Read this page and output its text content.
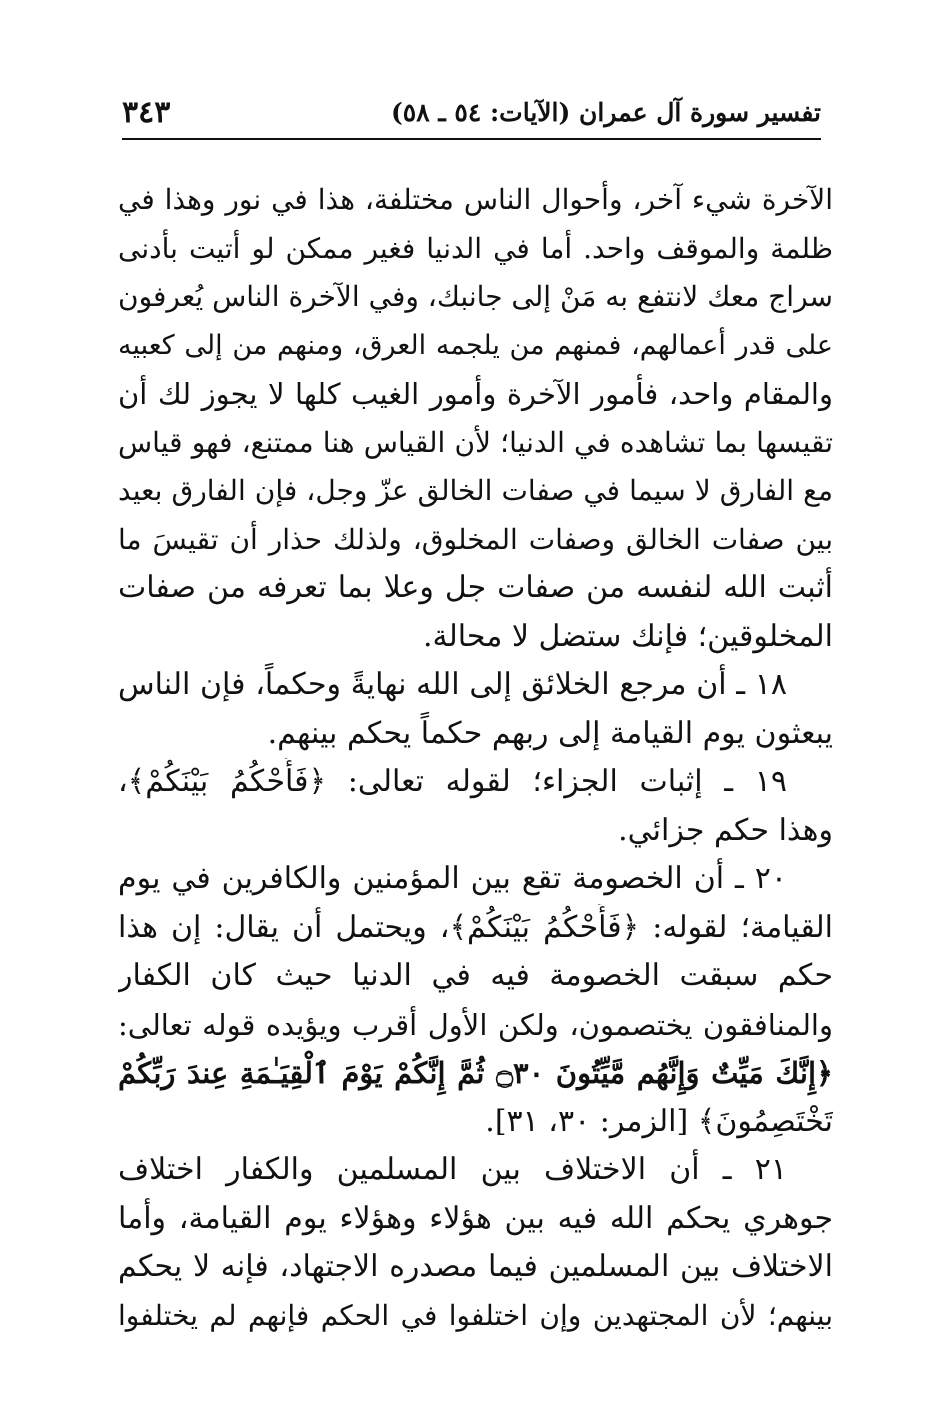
تفسير سورة آل عمران (الآيات: ٥٤ ـ ٥٨)
٣٤٣
الآخرة شيء آخر، وأحوال الناس مختلفة، هذا في نور وهذا في
ظلمة والموقف واحد. أما في الدنيا فغير ممكن لو أتيت بأدنى
سراج معك لانتفع به مَنْ إلى جانبك، وفي الآخرة الناس يُعرفون
على قدر أعمالهم، فمنهم من يلجمه العرق، ومنهم من إلى كعبيه
والمقام واحد، فأمور الآخرة وأمور الغيب كلها لا يجوز لك أن
تقيسها بما تشاهده في الدنيا؛ لأن القياس هنا ممتنع، فهو قياس
مع الفارق لا سيما في صفات الخالق عزّ وجل، فإن الفارق بعيد
بين صفات الخالق وصفات المخلوق، ولذلك حذار أن تقيسَ ما
أثبت الله لنفسه من صفات جل وعلا بما تعرفه من صفات
المخلوقين؛ فإنك ستضل لا محالة.
١٨ ـ أن مرجع الخلائق إلى الله نهايةً وحكماً، فإن الناس
يبعثون يوم القيامة إلى ربهم حكماً يحكم بينهم.
١٩ ـ إثبات الجزاء؛ لقوله تعالى: ﴿فَأَحْكُمُ بَيْنَكُمْ﴾،
وهذا حكم جزائي.
٢٠ ـ أن الخصومة تقع بين المؤمنين والكافرين في يوم
القيامة؛ لقوله: ﴿فَأَحْكُمُ بَيْنَكُمْ﴾، ويحتمل أن يقال: إن هذا
حكم سبقت الخصومة فيه في الدنيا حيث كان الكفار
والمنافقون يختصمون، ولكن الأول أقرب ويؤيده قوله تعالى:
﴿إِنَّكَ مَيِّتٌ وَإِنَّهُم مَّيِّتُونَ ۝٣٠ ثُمَّ إِنَّكُمْ يَوْمَ ٱلْقِيَـٰمَةِ عِندَ رَبِّكُمْ
تَخْتَصِمُونَ﴾ [الزمر: ٣٠، ٣١].
٢١ ـ أن الاختلاف بين المسلمين والكفار اختلاف
جوهري يحكم الله فيه بين هؤلاء وهؤلاء يوم القيامة، وأما
الاختلاف بين المسلمين فيما مصدره الاجتهاد، فإنه لا يحكم
بينهم؛ لأن المجتهدين وإن اختلفوا في الحكم فإنهم لم يختلفوا
